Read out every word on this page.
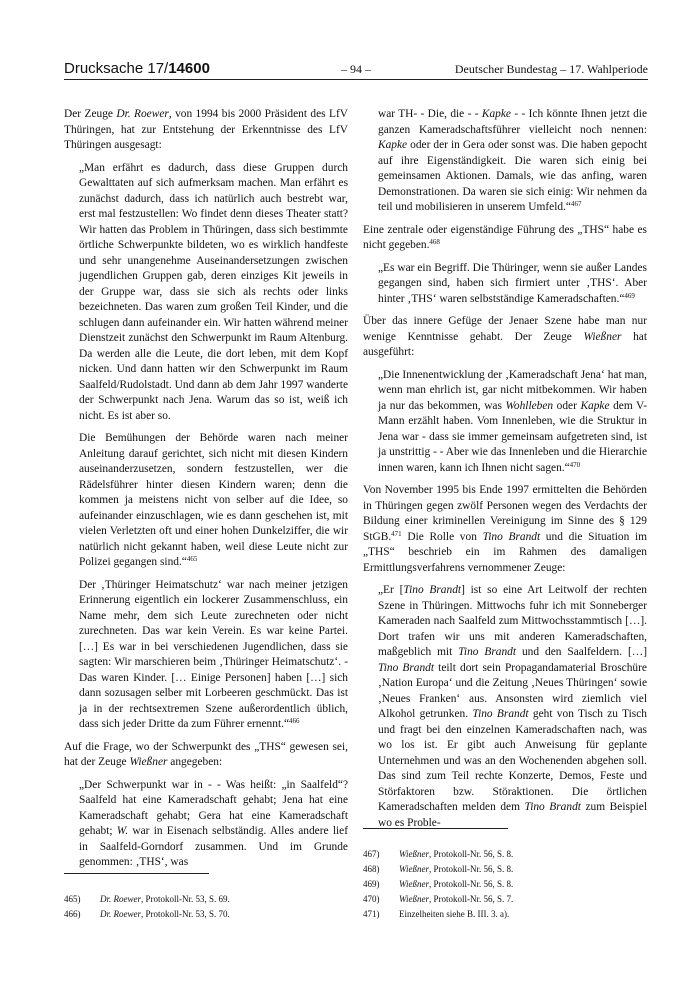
Drucksache 17/14600	– 94 –	Deutscher Bundestag – 17. Wahlperiode

Der Zeuge Dr. Roewer, von 1994 bis 2000 Präsident des LfV Thüringen, hat zur Entstehung der Erkenntnisse des LfV Thüringen ausgesagt:

„Man erfährt es dadurch, dass diese Gruppen durch Gewalttaten auf sich aufmerksam machen. Man erfährt es zunächst dadurch, dass ich natürlich auch bestrebt war, erst mal festzustellen: Wo findet denn dieses Theater statt? Wir hatten das Problem in Thüringen, dass sich bestimmte örtliche Schwerpunkte bildeten, wo es wirklich handfeste und sehr unangenehme Auseinandersetzungen zwischen jugendlichen Gruppen gab, deren einziges Kit jeweils in der Gruppe war, dass sie sich als rechts oder links bezeichneten. Das waren zum großen Teil Kinder, und die schlugen dann aufeinander ein. Wir hatten während meiner Dienstzeit zunächst den Schwerpunkt im Raum Altenburg. Da werden alle die Leute, die dort leben, mit dem Kopf nicken. Und dann hatten wir den Schwerpunkt im Raum Saalfeld/Rudolstadt. Und dann ab dem Jahr 1997 wanderte der Schwerpunkt nach Jena. Warum das so ist, weiß ich nicht. Es ist aber so.

Die Bemühungen der Behörde waren nach meiner Anleitung darauf gerichtet, sich nicht mit diesen Kindern auseinanderzusetzen, sondern festzustellen, wer die Rädelsführer hinter diesen Kindern waren; denn die kommen ja meistens nicht von selber auf die Idee, so aufeinander einzuschlagen, wie es dann geschehen ist, mit vielen Verletzten oft und einer hohen Dunkelziffer, die wir natürlich nicht gekannt haben, weil diese Leute nicht zur Polizei gegangen sind.“$^{465}$

Der ‚Thüringer Heimatschutz‘ war nach meiner jetzigen Erinnerung eigentlich ein lockerer Zusammenschluss, ein Name mehr, dem sich Leute zurechneten oder nicht zurechneten. Das war kein Verein. Es war keine Partei. […] Es war in bei verschiedenen Jugendlichen, dass sie sagten: Wir marschieren beim ‚Thüringer Heimatschutz‘. - Das waren Kinder. [… Einige Personen] haben […] sich dann sozusagen selber mit Lorbeeren geschmückt. Das ist ja in der rechtsextremen Szene außerordentlich üblich, dass sich jeder Dritte da zum Führer ernennt.“$^{466}$

Auf die Frage, wo der Schwerpunkt des „THS“ gewesen sei, hat der Zeuge Wießner angegeben:

„Der Schwerpunkt war in - - Was heißt: „in Saalfeld“? Saalfeld hat eine Kameradschaft gehabt; Jena hat eine Kameradschaft gehabt; Gera hat eine Kameradschaft gehabt; W. war in Eisenach selbständig. Alles andere lief in Saalfeld-Gorndorf zusammen. Und im Grunde genommen: ‚THS‘, was

war TH- - Die, die - - Kapke - - Ich könnte Ihnen jetzt die ganzen Kameradschaftsführer vielleicht noch nennen: Kapke oder der in Gera oder sonst was. Die haben gepocht auf ihre Eigenständigkeit. Die waren sich einig bei gemeinsamen Aktionen. Damals, wie das anfing, waren Demonstrationen. Da waren sie sich einig: Wir nehmen da teil und mobilisieren in unserem Umfeld.“$^{467}$

Eine zentrale oder eigenständige Führung des „THS“ habe es nicht gegeben.$^{468}$

„Es war ein Begriff. Die Thüringer, wenn sie außer Landes gegangen sind, haben sich firmiert unter ‚THS‘. Aber hinter ‚THS‘ waren selbstständige Kameradschaften.“$^{469}$

Über das innere Gefüge der Jenaer Szene habe man nur wenige Kenntnisse gehabt. Der Zeuge Wießner hat ausgeführt:

„Die Innenentwicklung der ‚Kameradschaft Jena‘ hat man, wenn man ehrlich ist, gar nicht mitbekommen. Wir haben ja nur das bekommen, was Wohlleben oder Kapke dem V-Mann erzählt haben. Vom Innenleben, wie die Struktur in Jena war - dass sie immer gemeinsam aufgetreten sind, ist ja unstrittig - - Aber wie das Innenleben und die Hierarchie innen waren, kann ich Ihnen nicht sagen.“$^{470}$

Von November 1995 bis Ende 1997 ermittelten die Behörden in Thüringen gegen zwölf Personen wegen des Verdachts der Bildung einer kriminellen Vereinigung im Sinne des § 129 StGB.$^{471}$ Die Rolle von Tino Brandt und die Situation im „THS“ beschrieb ein im Rahmen des damaligen Ermittlungsverfahrens vernommener Zeuge:

„Er [Tino Brandt] ist so eine Art Leitwolf der rechten Szene in Thüringen. Mittwochs fuhr ich mit Sonneberger Kameraden nach Saalfeld zum Mittwochsstammtisch […]. Dort trafen wir uns mit anderen Kameradschaften, maßgeblich mit Tino Brandt und den Saalfeldern. […] Tino Brandt teilt dort sein Propagandamaterial Broschüre ‚Nation Europa‘ und die Zeitung ‚Neues Thüringen‘ sowie ‚Neues Franken‘ aus. Ansonsten wird ziemlich viel Alkohol getrunken. Tino Brandt geht von Tisch zu Tisch und fragt bei den einzelnen Kameradschaften nach, was wo los ist. Er gibt auch Anweisung für geplante Unternehmen und was an den Wochenenden abgehen soll. Das sind zum Teil rechte Konzerte, Demos, Feste und Störfaktoren bzw. Störaktionen. Die örtlichen Kameradschaften melden dem Tino Brandt zum Beispiel wo es Proble-

465) Dr. Roewer, Protokoll-Nr. 53, S. 69.
466) Dr. Roewer, Protokoll-Nr. 53, S. 70.
467) Wießner, Protokoll-Nr. 56, S. 8.
468) Wießner, Protokoll-Nr. 56, S. 8.
469) Wießner, Protokoll-Nr. 56, S. 8.
470) Wießner, Protokoll-Nr. 56, S. 7.
471) Einzelheiten siehe B. III. 3. a).
